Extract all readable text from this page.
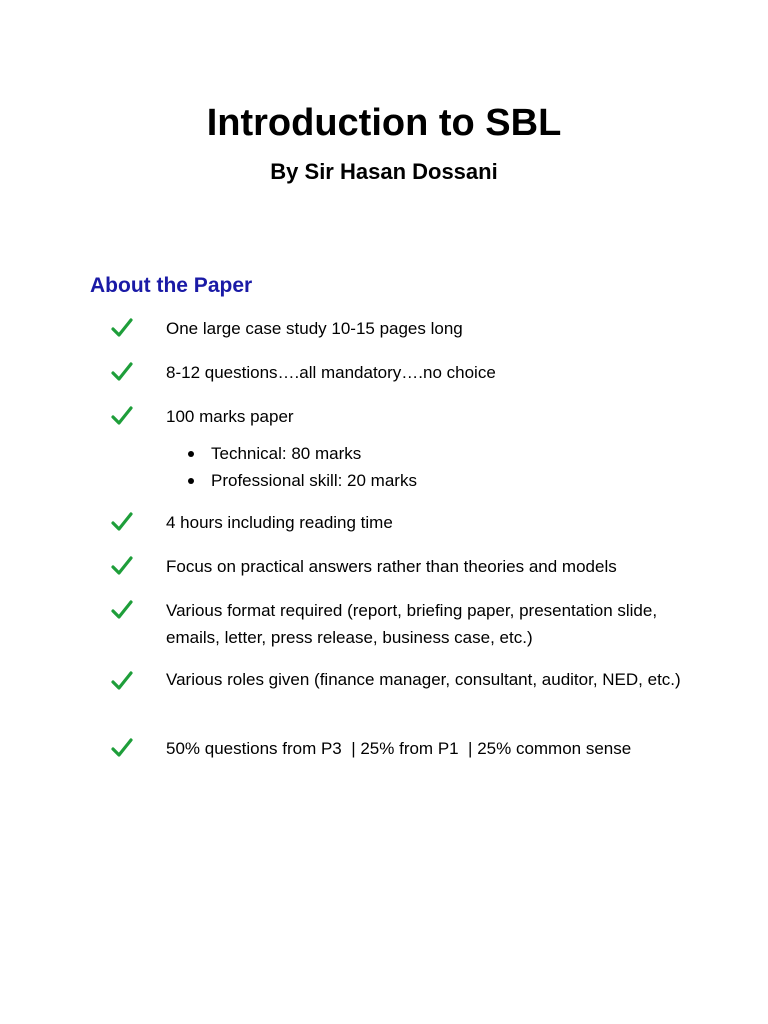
Introduction to SBL
By Sir Hasan Dossani
About the Paper
One large case study 10-15 pages long
8-12 questions….all mandatory….no choice
100 marks paper
Technical: 80 marks
Professional skill: 20 marks
4 hours including reading time
Focus on practical answers rather than theories and models
Various format required (report, briefing paper, presentation slide, emails, letter, press release, business case, etc.)
Various roles given (finance manager, consultant, auditor, NED, etc.)
50% questions from P3  | 25% from P1  | 25% common sense
